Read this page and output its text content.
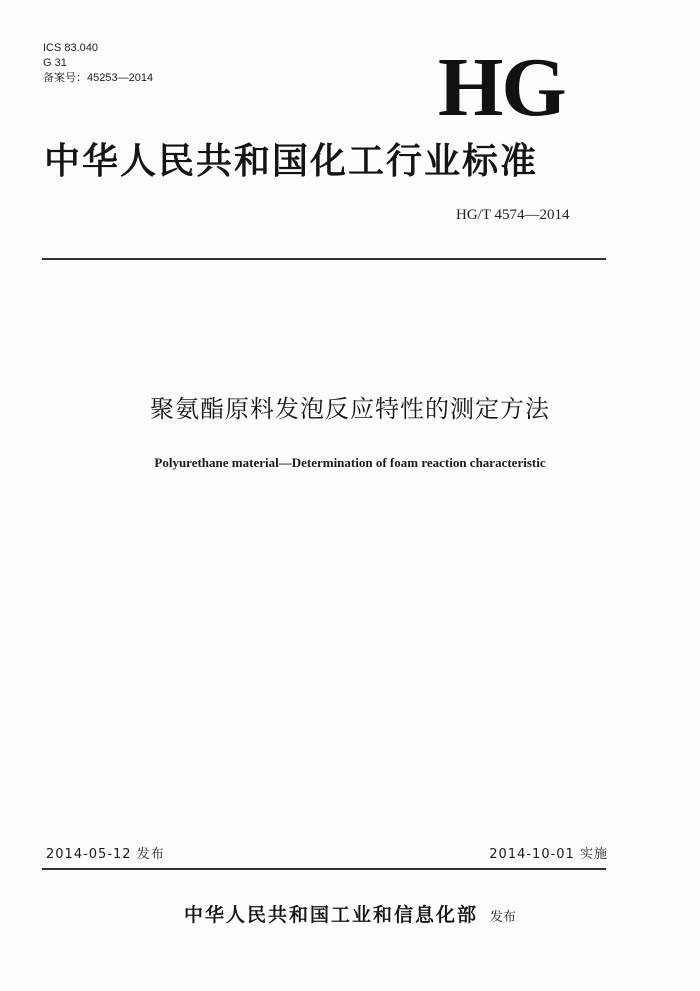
ICS 83.040
G 31
备案号：45253—2014	HG
中华人民共和国化工行业标准
HG/T 4574—2014
聚氨酯原料发泡反应特性的测定方法
Polyurethane material—Determination of foam reaction characteristic
2014-05-12 发布	2014-10-01 实施
中华人民共和国工业和信息化部 发布
